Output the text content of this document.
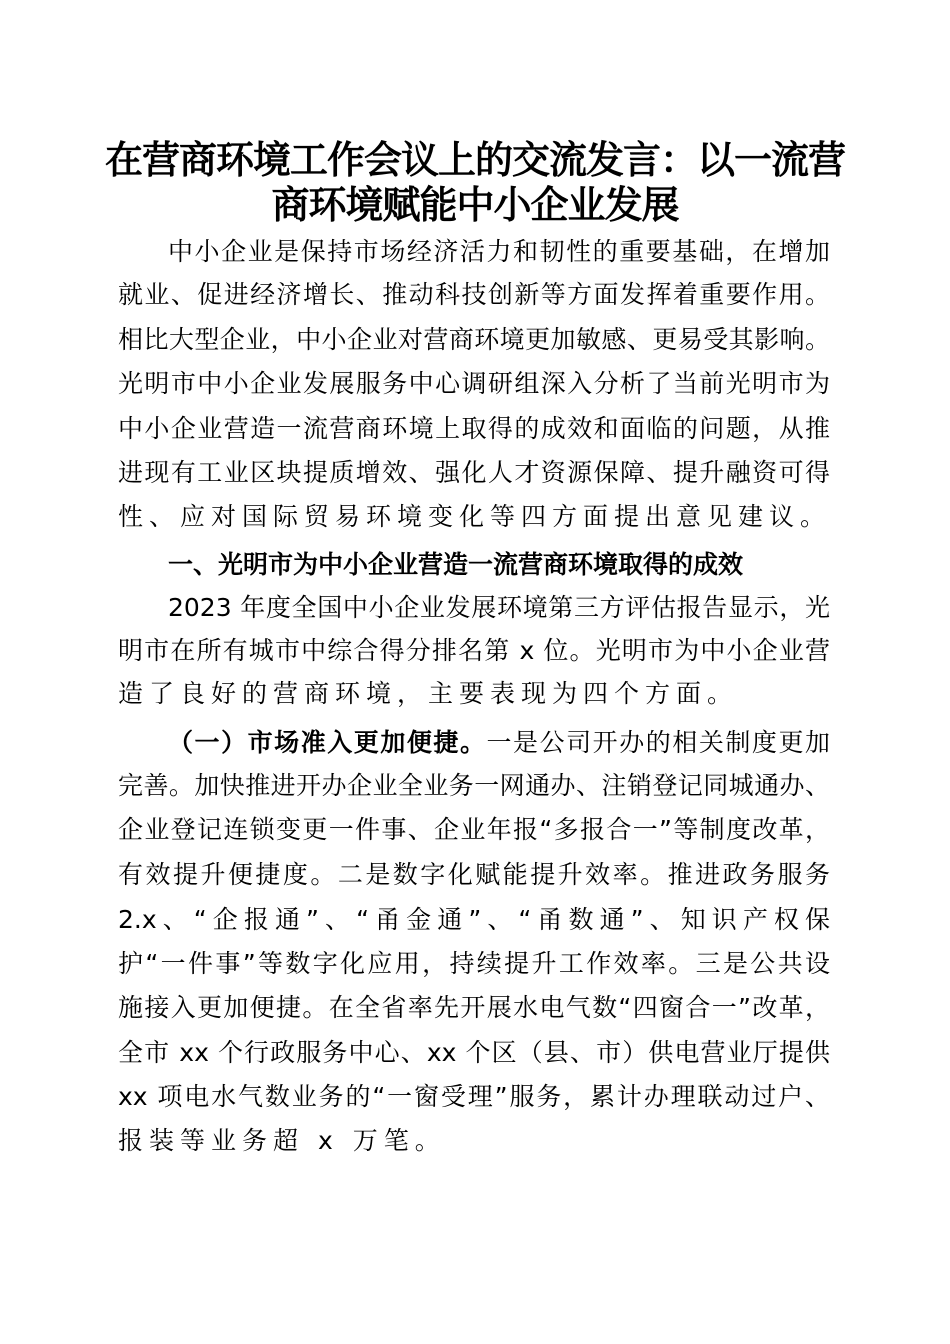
在营商环境工作会议上的交流发言：以一流营
商环境赋能中小企业发展
中小企业是保持市场经济活力和韧性的重要基础，在增加
就业、促进经济增长、推动科技创新等方面发挥着重要作用。
相比大型企业，中小企业对营商环境更加敏感、更易受其影响。
光明市中小企业发展服务中心调研组深入分析了当前光明市为
中小企业营造一流营商环境上取得的成效和面临的问题，从推
进现有工业区块提质增效、强化人才资源保障、提升融资可得
性、应对国际贸易环境变化等四方面提出意见建议。
一、光明市为中小企业营造一流营商环境取得的成效
2023 年度全国中小企业发展环境第三方评估报告显示，光
明市在所有城市中综合得分排名第 x 位。光明市为中小企业营
造了良好的营商环境，主要表现为四个方面。
（一）市场准入更加便捷。一是公司开办的相关制度更加
完善。加快推进开办企业全业务一网通办、注销登记同城通办、
企业登记连锁变更一件事、企业年报“多报合一”等制度改革，
有效提升便捷度。二是数字化赋能提升效率。推进政务服务
2.x、“企报通”、“甬金通”、“甬数通”、知识产权保
护“一件事”等数字化应用，持续提升工作效率。三是公共设
施接入更加便捷。在全省率先开展水电气数“四窗合一”改革，
全市 xx 个行政服务中心、xx 个区（县、市）供电营业厅提供
xx 项电水气数业务的“一窗受理”服务，累计办理联动过户、
报装等业务超 x 万笔。
